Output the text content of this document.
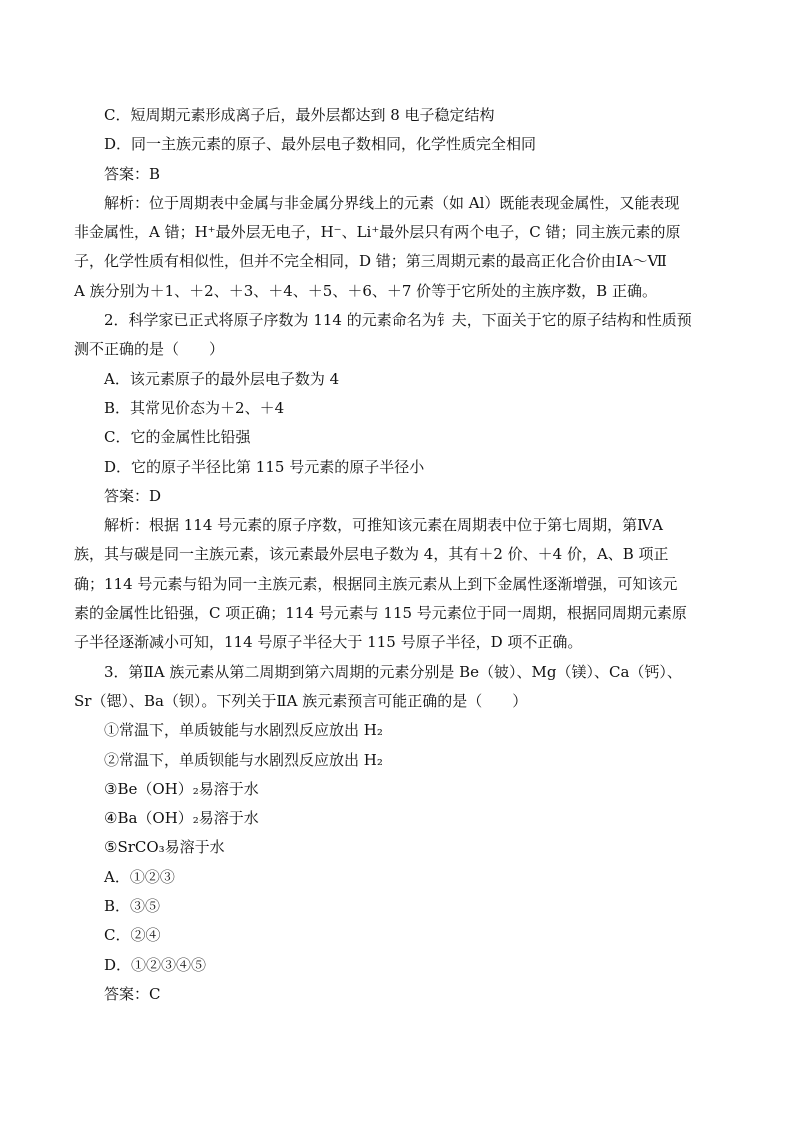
C．短周期元素形成离子后，最外层都达到 8 电子稳定结构
D．同一主族元素的原子、最外层电子数相同，化学性质完全相同
答案：B
解析：位于周期表中金属与非金属分界线上的元素（如 Al）既能表现金属性，又能表现
非金属性，A 错；H⁺最外层无电子，H⁻、Li⁺最外层只有两个电子，C 错；同主族元素的原
子，化学性质有相似性，但并不完全相同，D 错；第三周期元素的最高正化合价由ⅠA～Ⅶ
A 族分别为＋1、＋2、＋3、＋4、＋5、＋6、＋7 价等于它所处的主族序数，B 正确。
2．科学家已正式将原子序数为 114 的元素命名为钅夫，下面关于它的原子结构和性质预
测不正确的是（　　）
A．该元素原子的最外层电子数为 4
B．其常见价态为＋2、＋4
C．它的金属性比铅强
D．它的原子半径比第 115 号元素的原子半径小
答案：D
解析：根据 114 号元素的原子序数，可推知该元素在周期表中位于第七周期，第ⅣA
族，其与碳是同一主族元素，该元素最外层电子数为 4，其有＋2 价、＋4 价，A、B 项正
确；114 号元素与铅为同一主族元素，根据同主族元素从上到下金属性逐渐增强，可知该元
素的金属性比铅强，C 项正确；114 号元素与 115 号元素位于同一周期，根据同周期元素原
子半径逐渐减小可知，114 号原子半径大于 115 号原子半径，D 项不正确。
3．第ⅡA 族元素从第二周期到第六周期的元素分别是 Be（铍）、Mg（镁）、Ca（钙）、
Sr（锶）、Ba（钡）。下列关于ⅡA 族元素预言可能正确的是（　　）
①常温下，单质铍能与水剧烈反应放出 H₂
②常温下，单质钡能与水剧烈反应放出 H₂
③Be（OH）₂易溶于水
④Ba（OH）₂易溶于水
⑤SrCO₃易溶于水
A．①②③
B．③⑤
C．②④
D．①②③④⑤
答案：C
